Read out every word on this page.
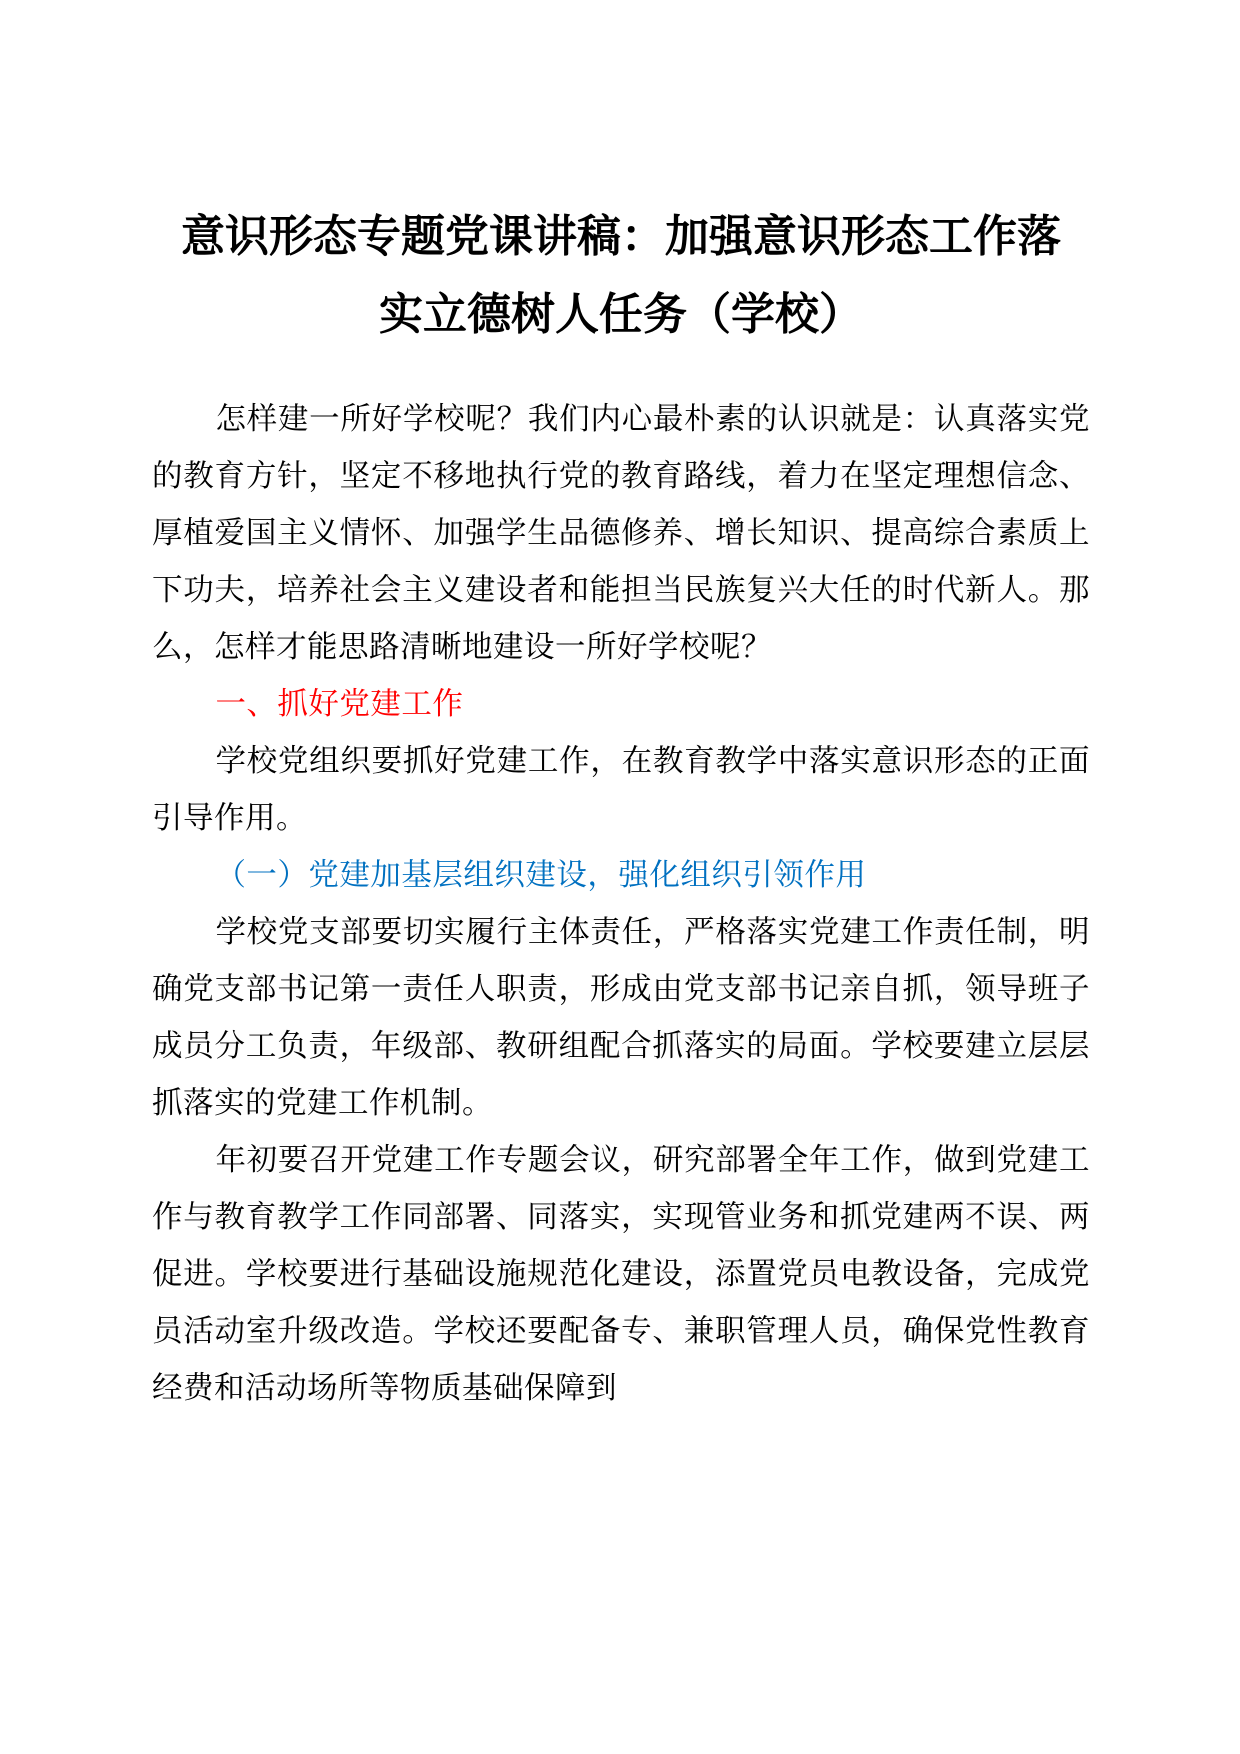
意识形态专题党课讲稿：加强意识形态工作落
实立德树人任务（学校）

怎样建一所好学校呢？我们内心最朴素的认识就是：认真落实党的教育方针，坚定不移地执行党的教育路线，着力在坚定理想信念、厚植爱国主义情怀、加强学生品德修养、增长知识、提高综合素质上下功夫，培养社会主义建设者和能担当民族复兴大任的时代新人。那么，怎样才能思路清晰地建设一所好学校呢？

一、抓好党建工作

学校党组织要抓好党建工作，在教育教学中落实意识形态的正面引导作用。

（一）党建加基层组织建设，强化组织引领作用

学校党支部要切实履行主体责任，严格落实党建工作责任制，明确党支部书记第一责任人职责，形成由党支部书记亲自抓，领导班子成员分工负责，年级部、教研组配合抓落实的局面。学校要建立层层抓落实的党建工作机制。

年初要召开党建工作专题会议，研究部署全年工作，做到党建工作与教育教学工作同部署、同落实，实现管业务和抓党建两不误、两促进。学校要进行基础设施规范化建设，添置党员电教设备，完成党员活动室升级改造。学校还要配备专、兼职管理人员，确保党性教育经费和活动场所等物质基础保障到
